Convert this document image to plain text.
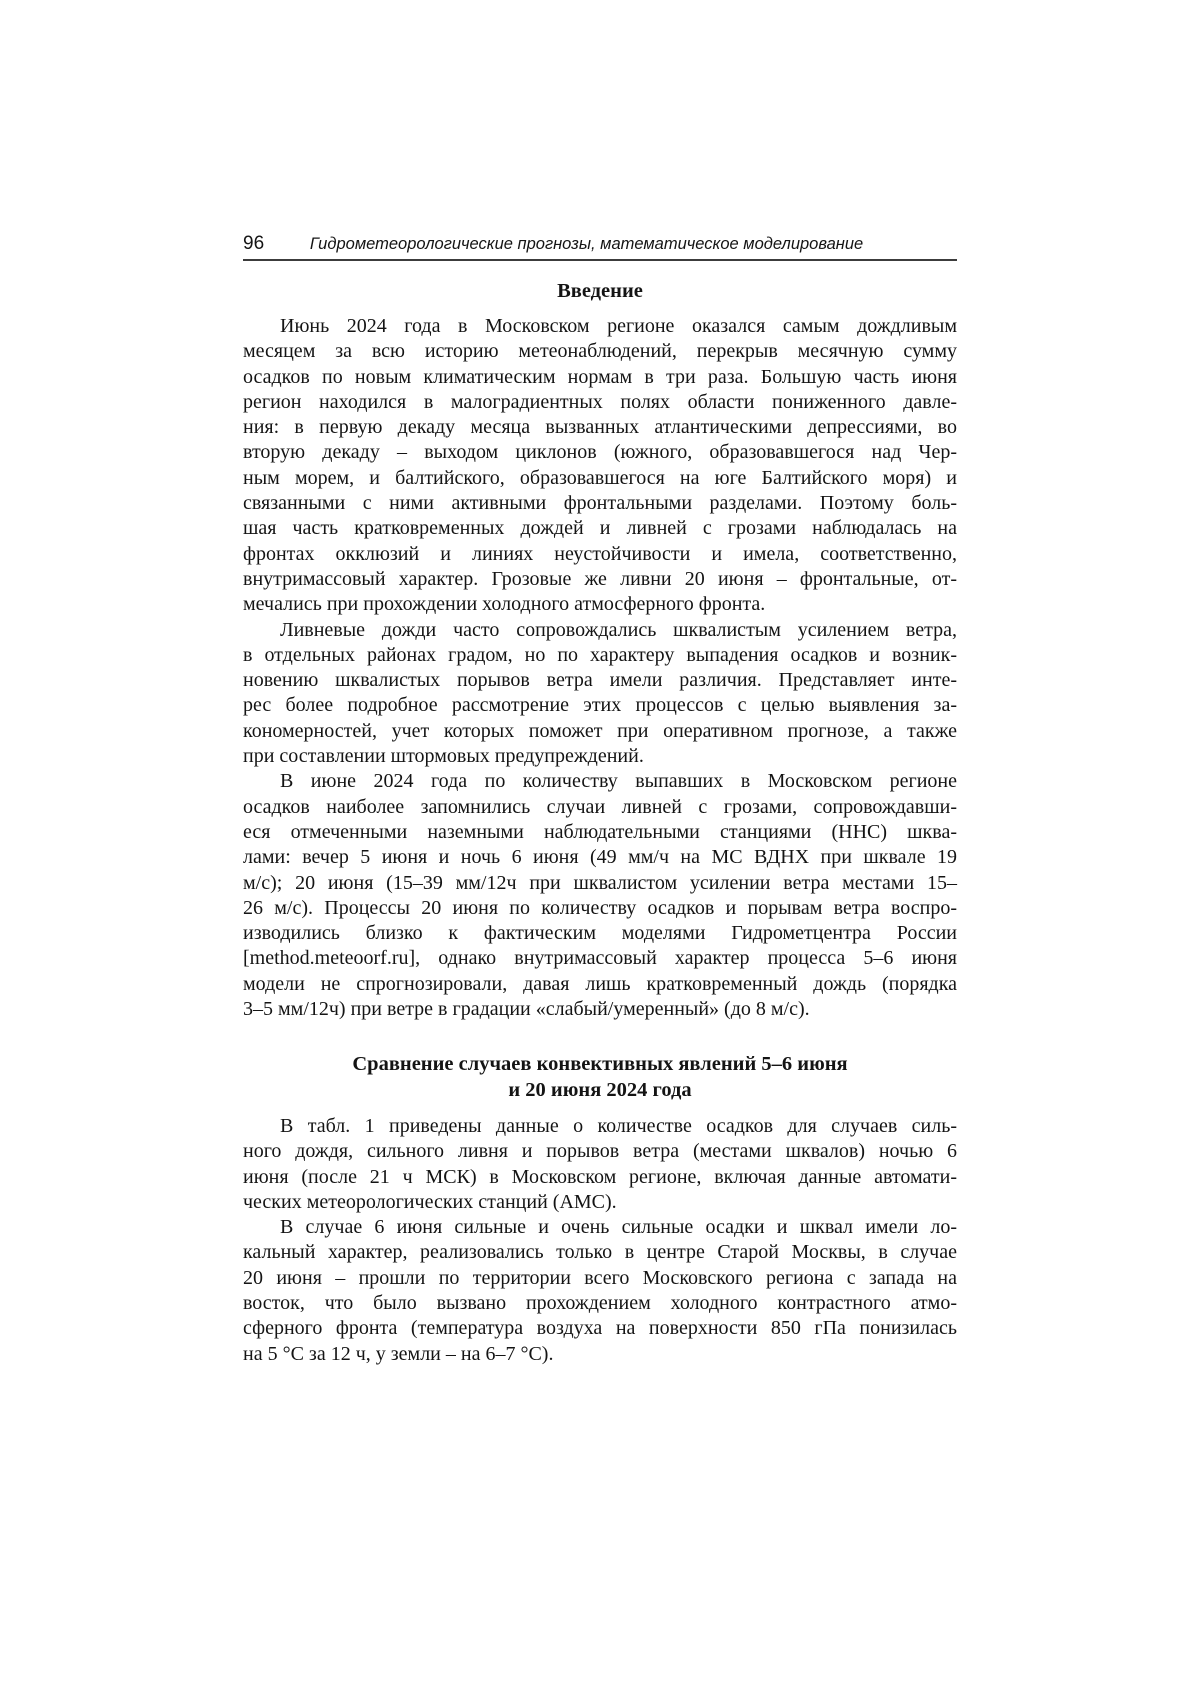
96	Гидрометеорологические прогнозы, математическое моделирование
Введение
Июнь 2024 года в Московском регионе оказался самым дождливым
месяцем за всю историю метеонаблюдений, перекрыв месячную сумму
осадков по новым климатическим нормам в три раза. Большую часть июня
регион находился в малоградиентных полях области пониженного давле-
ния: в первую декаду месяца вызванных атлантическими депрессиями, во
вторую декаду – выходом циклонов (южного, образовавшегося над Чер-
ным морем, и балтийского, образовавшегося на юге Балтийского моря) и
связанными с ними активными фронтальными разделами. Поэтому боль-
шая часть кратковременных дождей и ливней с грозами наблюдалась на
фронтах окклюзий и линиях неустойчивости и имела, соответственно,
внутримассовый характер. Грозовые же ливни 20 июня – фронтальные, от-
мечались при прохождении холодного атмосферного фронта.
Ливневые дожди часто сопровождались шквалистым усилением ветра,
в отдельных районах градом, но по характеру выпадения осадков и возник-
новению шквалистых порывов ветра имели различия. Представляет инте-
рес более подробное рассмотрение этих процессов с целью выявления за-
кономерностей, учет которых поможет при оперативном прогнозе, а также
при составлении штормовых предупреждений.
В июне 2024 года по количеству выпавших в Московском регионе
осадков наиболее запомнились случаи ливней с грозами, сопровождавши-
еся отмеченными наземными наблюдательными станциями (ННС) шква-
лами: вечер 5 июня и ночь 6 июня (49 мм/ч на МС ВДНХ при шквале 19
м/с); 20 июня (15–39 мм/12ч при шквалистом усилении ветра местами 15–
26 м/с). Процессы 20 июня по количеству осадков и порывам ветра воспро-
изводились близко к фактическим моделями Гидрометцентра России
[method.meteoorf.ru], однако внутримассовый характер процесса 5–6 июня
модели не спрогнозировали, давая лишь кратковременный дождь (порядка
3–5 мм/12ч) при ветре в градации «слабый/умеренный» (до 8 м/с).
Сравнение случаев конвективных явлений 5–6 июня
и 20 июня 2024 года
В табл. 1 приведены данные о количестве осадков для случаев силь-
ного дождя, сильного ливня и порывов ветра (местами шквалов) ночью 6
июня (после 21 ч МСК) в Московском регионе, включая данные автомати-
ческих метеорологических станций (АМС).
В случае 6 июня сильные и очень сильные осадки и шквал имели ло-
кальный характер, реализовались только в центре Старой Москвы, в случае
20 июня – прошли по территории всего Московского региона с запада на
восток, что было вызвано прохождением холодного контрастного атмо-
сферного фронта (температура воздуха на поверхности 850 гПа понизилась
на 5 °С за 12 ч, у земли – на 6–7 °С).
